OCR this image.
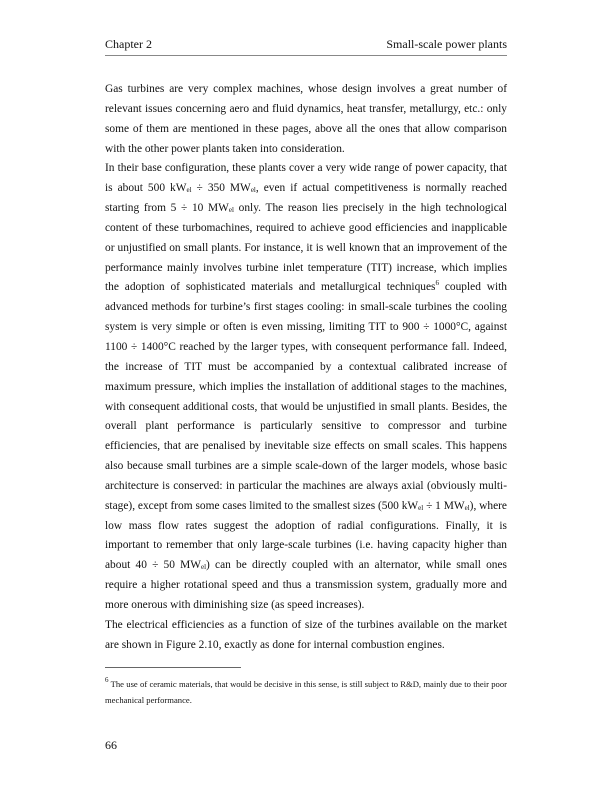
Chapter 2	Small-scale power plants

Gas turbines are very complex machines, whose design involves a great number of relevant issues concerning aero and fluid dynamics, heat transfer, metallurgy, etc.: only some of them are mentioned in these pages, above all the ones that allow comparison with the other power plants taken into consideration.

In their base configuration, these plants cover a very wide range of power capacity, that is about 500 $kW_{el} \div 350$ $MW_{el}$, even if actual competitiveness is normally reached starting from 5 ÷ 10 $MW_{el}$ only. The reason lies precisely in the high technological content of these turbomachines, required to achieve good efficiencies and inapplicable or unjustified on small plants. For instance, it is well known that an improvement of the performance mainly involves turbine inlet temperature (TIT) increase, which implies the adoption of sophisticated materials and metallurgical techniques$^6$ coupled with advanced methods for turbine’s first stages cooling: in small-scale turbines the cooling system is very simple or often is even missing, limiting TIT to 900 ÷ 1000°C, against 1100 ÷ 1400°C reached by the larger types, with consequent performance fall. Indeed, the increase of TIT must be accompanied by a contextual calibrated increase of maximum pressure, which implies the installation of additional stages to the machines, with consequent additional costs, that would be unjustified in small plants. Besides, the overall plant performance is particularly sensitive to compressor and turbine efficiencies, that are penalised by inevitable size effects on small scales. This happens also because small turbines are a simple scale-down of the larger models, whose basic architecture is conserved: in particular the machines are always axial (obviously multi-stage), except from some cases limited to the smallest sizes (500 $kW_{el} \div 1$ $MW_{el}$), where low mass flow rates suggest the adoption of radial configurations. Finally, it is important to remember that only large-scale turbines (i.e. having capacity higher than about 40 ÷ 50 $MW_{el}$) can be directly coupled with an alternator, while small ones require a higher rotational speed and thus a transmission system, gradually more and more onerous with diminishing size (as speed increases).

The electrical efficiencies as a function of size of the turbines available on the market are shown in Figure 2.10, exactly as done for internal combustion engines.

$^6$ The use of ceramic materials, that would be decisive in this sense, is still subject to R&D, mainly due to their poor mechanical performance.

66
